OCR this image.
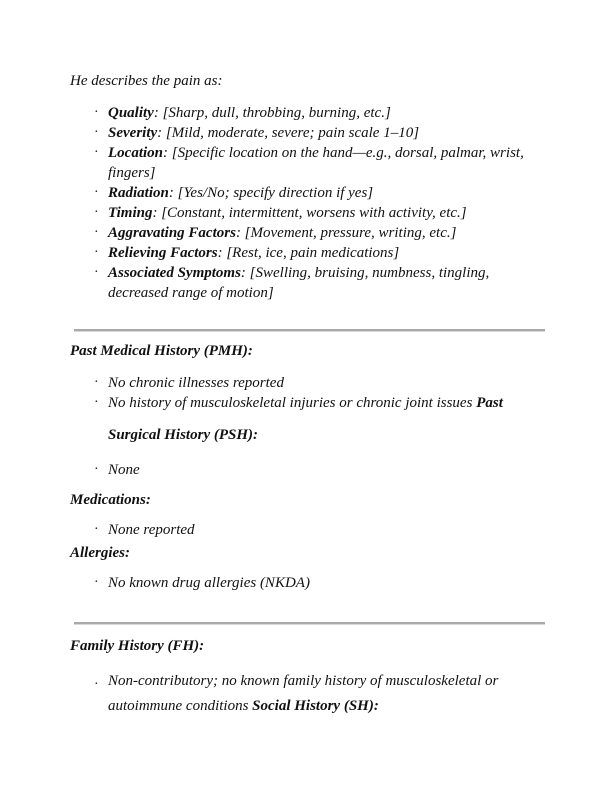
He describes the pain as:

· Quality: [Sharp, dull, throbbing, burning, etc.]
· Severity: [Mild, moderate, severe; pain scale 1–10]
· Location: [Specific location on the hand—e.g., dorsal, palmar, wrist, fingers]
· Radiation: [Yes/No; specify direction if yes]
· Timing: [Constant, intermittent, worsens with activity, etc.]
· Aggravating Factors: [Movement, pressure, writing, etc.]
· Relieving Factors: [Rest, ice, pain medications]
· Associated Symptoms: [Swelling, bruising, numbness, tingling, decreased range of motion]
Past Medical History (PMH):
· No chronic illnesses reported
· No history of musculoskeletal injuries or chronic joint issues Past
Surgical History (PSH):
· None
Medications:
· None reported
Allergies:
· No known drug allergies (NKDA)
Family History (FH):
· Non-contributory; no known family history of musculoskeletal or autoimmune conditions Social History (SH):
